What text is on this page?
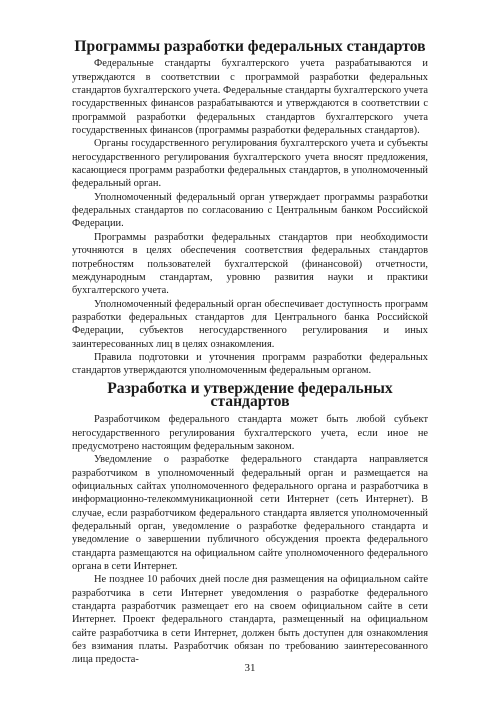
Программы разработки федеральных стандартов

Федеральные стандарты бухгалтерского учета разрабатываются и утверждаются в соответствии с программой разработки федеральных стандартов бухгалтерского учета. Федеральные стандарты бухгалтерского учета государственных финансов разрабатываются и утверждаются в соответствии с программой разработки федеральных стандартов бухгалтерского учета государственных финансов (программы разработки федеральных стандартов).

Органы государственного регулирования бухгалтерского учета и субъекты негосударственного регулирования бухгалтерского учета вносят предложения, касающиеся программ разработки федеральных стандартов, в уполномоченный федеральный орган.

Уполномоченный федеральный орган утверждает программы разработки федеральных стандартов по согласованию с Центральным банком Российской Федерации.

Программы разработки федеральных стандартов при необходимости уточняются в целях обеспечения соответствия федеральных стандартов потребностям пользователей бухгалтерской (финансовой) отчетности, международным стандартам, уровню развития науки и практики бухгалтерского учета.

Уполномоченный федеральный орган обеспечивает доступность программ разработки федеральных стандартов для Центрального банка Российской Федерации, субъектов негосударственного регулирования и иных заинтересованных лиц в целях ознакомления.

Правила подготовки и уточнения программ разработки федеральных стандартов утверждаются уполномоченным федеральным органом.

Разработка и утверждение федеральных стандартов

Разработчиком федерального стандарта может быть любой субъект негосударственного регулирования бухгалтерского учета, если иное не предусмотрено настоящим федеральным законом.

Уведомление о разработке федерального стандарта направляется разработчиком в уполномоченный федеральный орган и размещается на официальных сайтах уполномоченного федерального органа и разработчика в информационно-телекоммуникационной сети Интернет (сеть Интернет). В случае, если разработчиком федерального стандарта является уполномоченный федеральный орган, уведомление о разработке федерального стандарта и уведомление о завершении публичного обсуждения проекта федерального стандарта размещаются на официальном сайте уполномоченного федерального органа в сети Интернет.

Не позднее 10 рабочих дней после дня размещения на официальном сайте разработчика в сети Интернет уведомления о разработке федерального стандарта разработчик размещает его на своем официальном сайте в сети Интернет. Проект федерального стандарта, размещенный на официальном сайте разработчика в сети Интернет, должен быть доступен для ознакомления без взимания платы. Разработчик обязан по требованию заинтересованного лица предоста-

31
